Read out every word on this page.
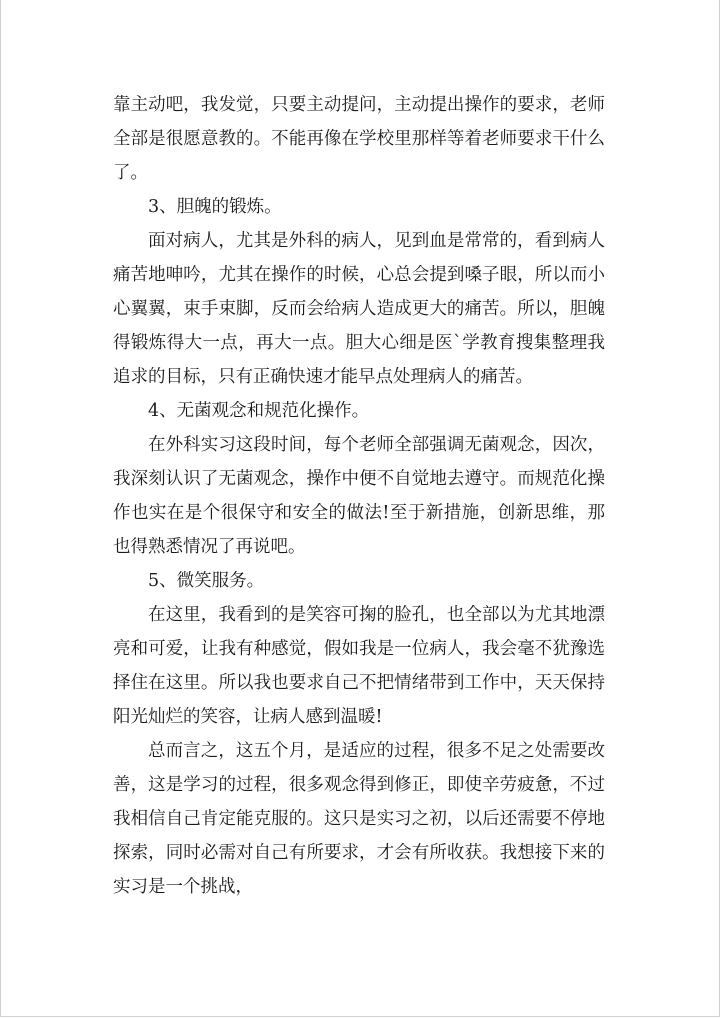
靠主动吧，我发觉，只要主动提问，主动提出操作的要求，老师全部是很愿意教的。不能再像在学校里那样等着老师要求干什么了。

3、胆魄的锻炼。

面对病人，尤其是外科的病人，见到血是常常的，看到病人痛苦地呻吟，尤其在操作的时候，心总会提到嗓子眼，所以而小心翼翼，束手束脚，反而会给病人造成更大的痛苦。所以，胆魄得锻炼得大一点，再大一点。胆大心细是医`学教育搜集整理我追求的目标，只有正确快速才能早点处理病人的痛苦。

4、无菌观念和规范化操作。

在外科实习这段时间，每个老师全部强调无菌观念，因次，我深刻认识了无菌观念，操作中便不自觉地去遵守。而规范化操作也实在是个很保守和安全的做法!至于新措施，创新思维，那也得熟悉情况了再说吧。

5、微笑服务。

在这里，我看到的是笑容可掬的脸孔，也全部以为尤其地漂亮和可爱，让我有种感觉，假如我是一位病人，我会毫不犹豫选择住在这里。所以我也要求自己不把情绪带到工作中，天天保持阳光灿烂的笑容，让病人感到温暖!

总而言之，这五个月，是适应的过程，很多不足之处需要改善，这是学习的过程，很多观念得到修正，即使辛劳疲惫，不过我相信自己肯定能克服的。这只是实习之初，以后还需要不停地探索，同时必需对自己有所要求，才会有所收获。我想接下来的实习是一个挑战，
